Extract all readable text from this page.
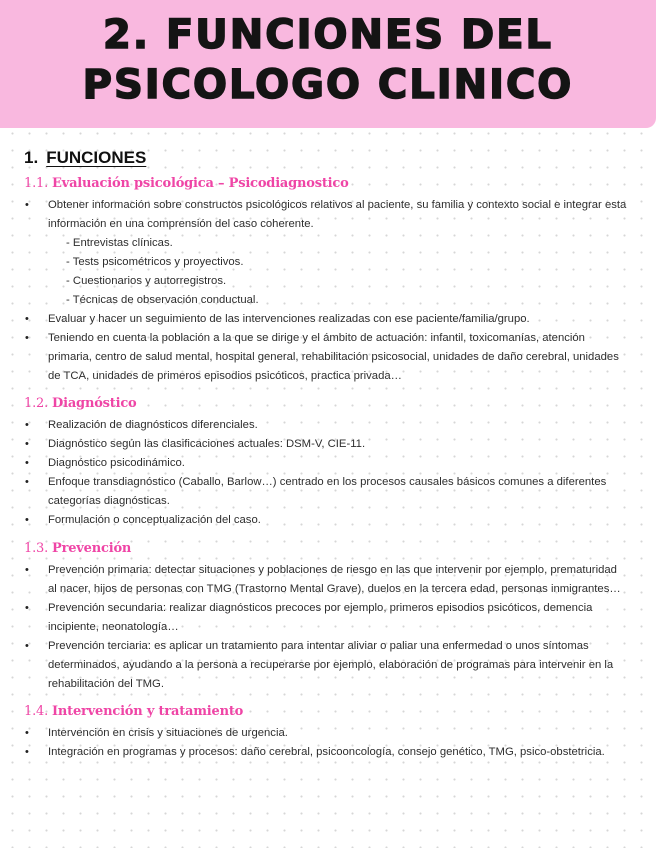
2. FUNCIONES DEL
PSICOLOGO CLINICO
1. FUNCIONES
1.1. Evaluación psicológica – Psicodiagnostico
• Obtener información sobre constructos psicológicos relativos al paciente, su familia y contexto social e integrar esta información en una comprensión del caso coherente.
- Entrevistas clínicas.
- Tests psicométricos y proyectivos.
- Cuestionarios y autorregistros.
- Técnicas de observación conductual.
• Evaluar y hacer un seguimiento de las intervenciones realizadas con ese paciente/familia/grupo.
• Teniendo en cuenta la población a la que se dirige y el ámbito de actuación: infantil, toxicomanías, atención primaria, centro de salud mental, hospital general, rehabilitación psicosocial, unidades de daño cerebral, unidades de TCA, unidades de primeros episodios psicóticos, practica privada…
1.2. Diagnóstico
• Realización de diagnósticos diferenciales.
• Diagnóstico según las clasificaciones actuales: DSM-V, CIE-11.
• Diagnóstico psicodinámico.
• Enfoque transdiagnóstico (Caballo, Barlow…) centrado en los procesos causales básicos comunes a diferentes categorías diagnósticas.
• Formulación o conceptualización del caso.
1.3. Prevención
• Prevención primaria: detectar situaciones y poblaciones de riesgo en las que intervenir por ejemplo, prematuridad al nacer, hijos de personas con TMG (Trastorno Mental Grave), duelos en la tercera edad, personas inmigrantes…
• Prevención secundaria: realizar diagnósticos precoces por ejemplo, primeros episodios psicóticos, demencia incipiente, neonatología…
• Prevención terciaria: es aplicar un tratamiento para intentar aliviar o paliar una enfermedad o unos síntomas determinados, ayudando a la persona a recuperarse por ejemplo, elaboración de programas para intervenir en la rehabilitación del TMG.
1.4. Intervención y tratamiento
• Intervención en crisis y situaciones de urgencia.
• Integración en programas y procesos: daño cerebral, psicooncología, consejo genético, TMG, psico-obstetricia.
